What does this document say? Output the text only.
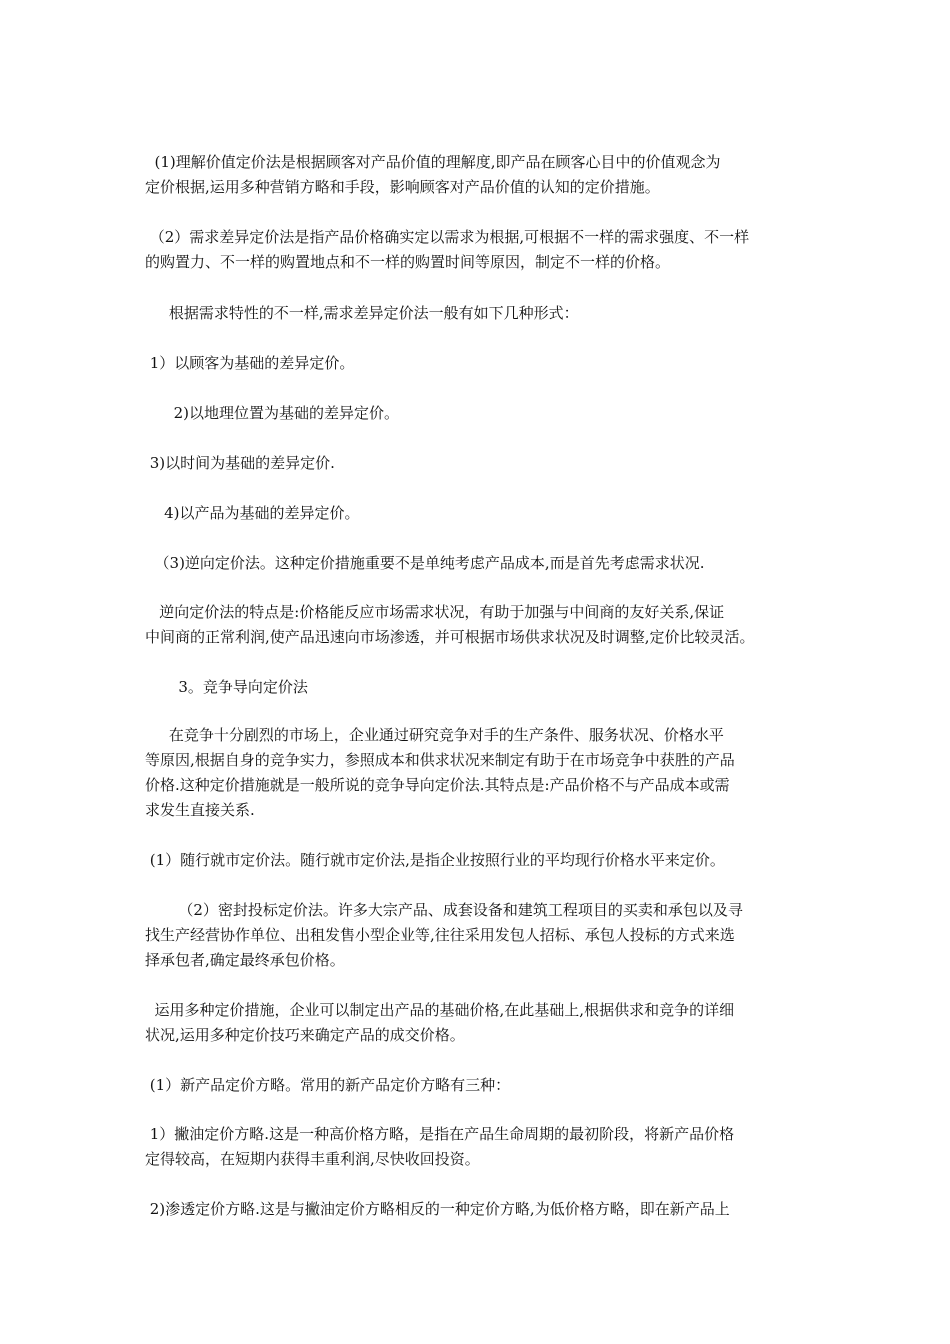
(1)理解价值定价法是根据顾客对产品价值的理解度,即产品在顾客心目中的价值观念为
定价根据,运用多种营销方略和手段，影响顾客对产品价值的认知的定价措施。

（2）需求差异定价法是指产品价格确实定以需求为根据,可根据不一样的需求强度、不一样
的购置力、不一样的购置地点和不一样的购置时间等原因，制定不一样的价格。

根据需求特性的不一样,需求差异定价法一般有如下几种形式：

1）以顾客为基础的差异定价。

2)以地理位置为基础的差异定价。

3)以时间为基础的差异定价.

4)以产品为基础的差异定价。

（3)逆向定价法。这种定价措施重要不是单纯考虑产品成本,而是首先考虑需求状况.

逆向定价法的特点是:价格能反应市场需求状况，有助于加强与中间商的友好关系,保证
中间商的正常利润,使产品迅速向市场渗透，并可根据市场供求状况及时调整,定价比较灵活。

3。竞争导向定价法

在竞争十分剧烈的市场上，企业通过研究竞争对手的生产条件、服务状况、价格水平
等原因,根据自身的竞争实力，参照成本和供求状况来制定有助于在市场竞争中获胜的产品
价格.这种定价措施就是一般所说的竞争导向定价法.其特点是:产品价格不与产品成本或需
求发生直接关系.

(1）随行就市定价法。随行就市定价法,是指企业按照行业的平均现行价格水平来定价。

（2）密封投标定价法。许多大宗产品、成套设备和建筑工程项目的买卖和承包以及寻
找生产经营协作单位、出租发售小型企业等,往往采用发包人招标、承包人投标的方式来选
择承包者,确定最终承包价格。

运用多种定价措施，企业可以制定出产品的基础价格,在此基础上,根据供求和竞争的详细
状况,运用多种定价技巧来确定产品的成交价格。

(1）新产品定价方略。常用的新产品定价方略有三种：

1）撇油定价方略.这是一种高价格方略，是指在产品生命周期的最初阶段，将新产品价格
定得较高，在短期内获得丰重利润,尽快收回投资。

2)渗透定价方略.这是与撇油定价方略相反的一种定价方略,为低价格方略，即在新产品上
